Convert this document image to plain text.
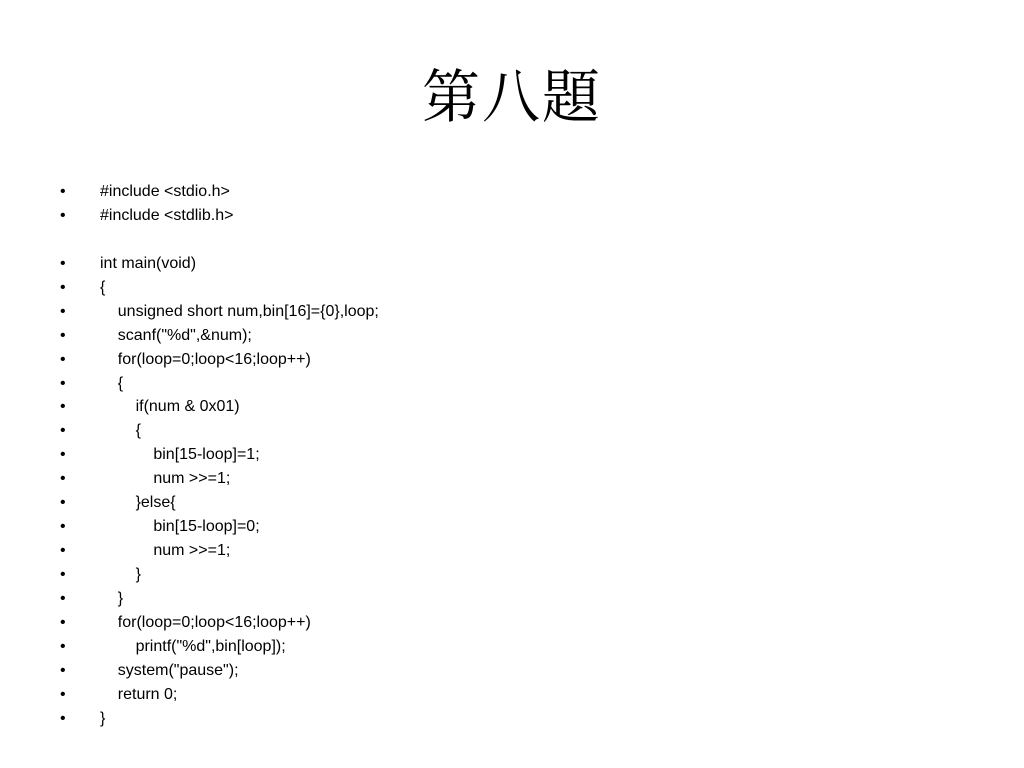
第八題
•	#include <stdio.h>
•	#include <stdlib.h>
•	int main(void)
•	{
•	unsigned short num,bin[16]={0},loop;
•	scanf("%d",&num);
•	for(loop=0;loop<16;loop++)
•	{
•	if(num & 0x01)
•	{
•	bin[15-loop]=1;
•	num >>=1;
•	}else{
•	bin[15-loop]=0;
•	num >>=1;
•	}
•	}
•	for(loop=0;loop<16;loop++)
•	printf("%d",bin[loop]);
•	system("pause");
•	return 0;
•	}
